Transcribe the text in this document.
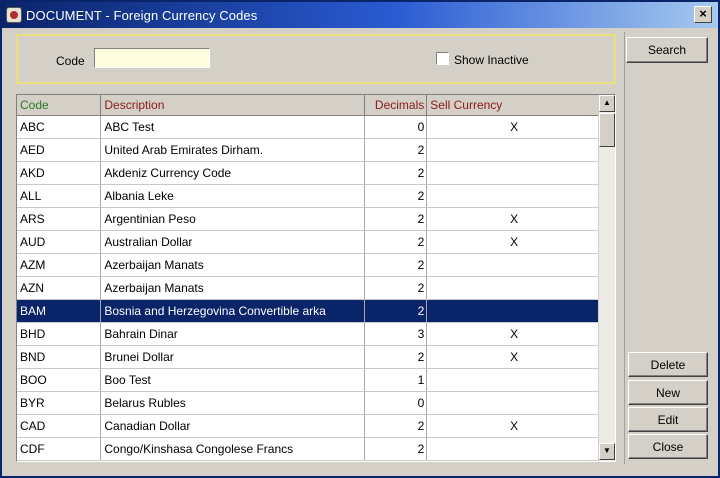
DOCUMENT - Foreign Currency Codes	×
Code	Show Inactive
Search
Code	Description	Decimals	Sell Currency
ABC	ABC Test	0	X
AED	United Arab Emirates Dirham.	2	
AKD	Akdeniz Currency Code	2	
ALL	Albania Leke	2	
ARS	Argentinian Peso	2	X
AUD	Australian Dollar	2	X
AZM	Azerbaijan Manats	2	
AZN	Azerbaijan Manats	2	
BAM	Bosnia and Herzegovina Convertible arka	2	
BHD	Bahrain Dinar	3	X
BND	Brunei Dollar	2	X
BOO	Boo Test	1	
BYR	Belarus Rubles	0	
CAD	Canadian Dollar	2	X
CDF	Congo/Kinshasa Congolese Francs	2	
▲
▼
Delete
New
Edit
Close
